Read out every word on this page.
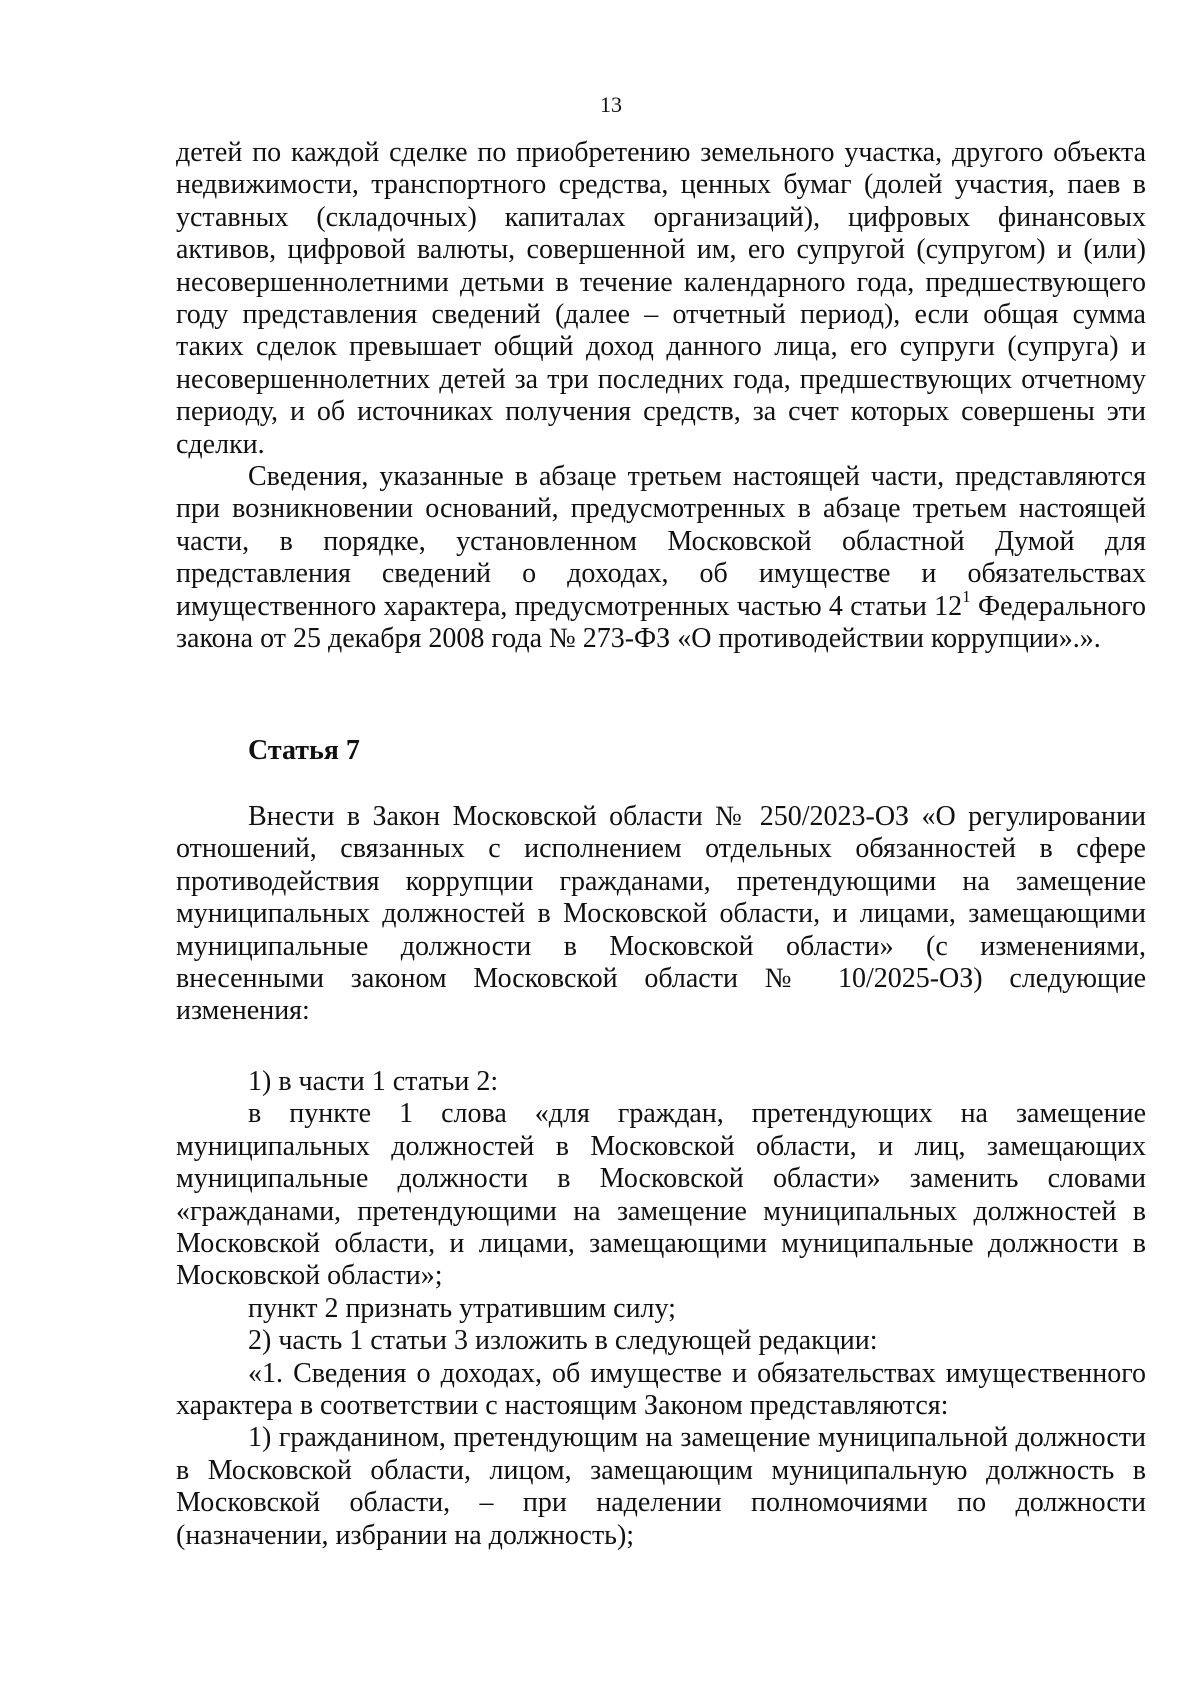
13

детей по каждой сделке по приобретению земельного участка, другого объекта недвижимости, транспортного средства, ценных бумаг (долей участия, паев в уставных (складочных) капиталах организаций), цифровых финансовых активов, цифровой валюты, совершенной им, его супругой (супругом) и (или) несовершеннолетними детьми в течение календарного года, предшествующего году представления сведений (далее – отчетный период), если общая сумма таких сделок превышает общий доход данного лица, его супруги (супруга) и несовершеннолетних детей за три последних года, предшествующих отчетному периоду, и об источниках получения средств, за счет которых совершены эти сделки.

Сведения, указанные в абзаце третьем настоящей части, представляются при возникновении оснований, предусмотренных в абзаце третьем настоящей части, в порядке, установленном Московской областной Думой для представления сведений о доходах, об имуществе и обязательствах имущественного характера, предусмотренных частью 4 статьи $12^1$ Федерального закона от 25 декабря 2008 года № 273-ФЗ «О противодействии коррупции».».

Статья 7

Внести в Закон Московской области № 250/2023-ОЗ «О регулировании отношений, связанных с исполнением отдельных обязанностей в сфере противодействия коррупции гражданами, претендующими на замещение муниципальных должностей в Московской области, и лицами, замещающими муниципальные должности в Московской области» (с изменениями, внесенными законом Московской области № 10/2025-ОЗ) следующие изменения:

1) в части 1 статьи 2:

в пункте 1 слова «для граждан, претендующих на замещение муниципальных должностей в Московской области, и лиц, замещающих муниципальные должности в Московской области» заменить словами «гражданами, претендующими на замещение муниципальных должностей в Московской области, и лицами, замещающими муниципальные должности в Московской области»;

пункт 2 признать утратившим силу;

2) часть 1 статьи 3 изложить в следующей редакции:

«1. Сведения о доходах, об имуществе и обязательствах имущественного характера в соответствии с настоящим Законом представляются:

1) гражданином, претендующим на замещение муниципальной должности в Московской области, лицом, замещающим муниципальную должность в Московской области, – при наделении полномочиями по должности (назначении, избрании на должность);
